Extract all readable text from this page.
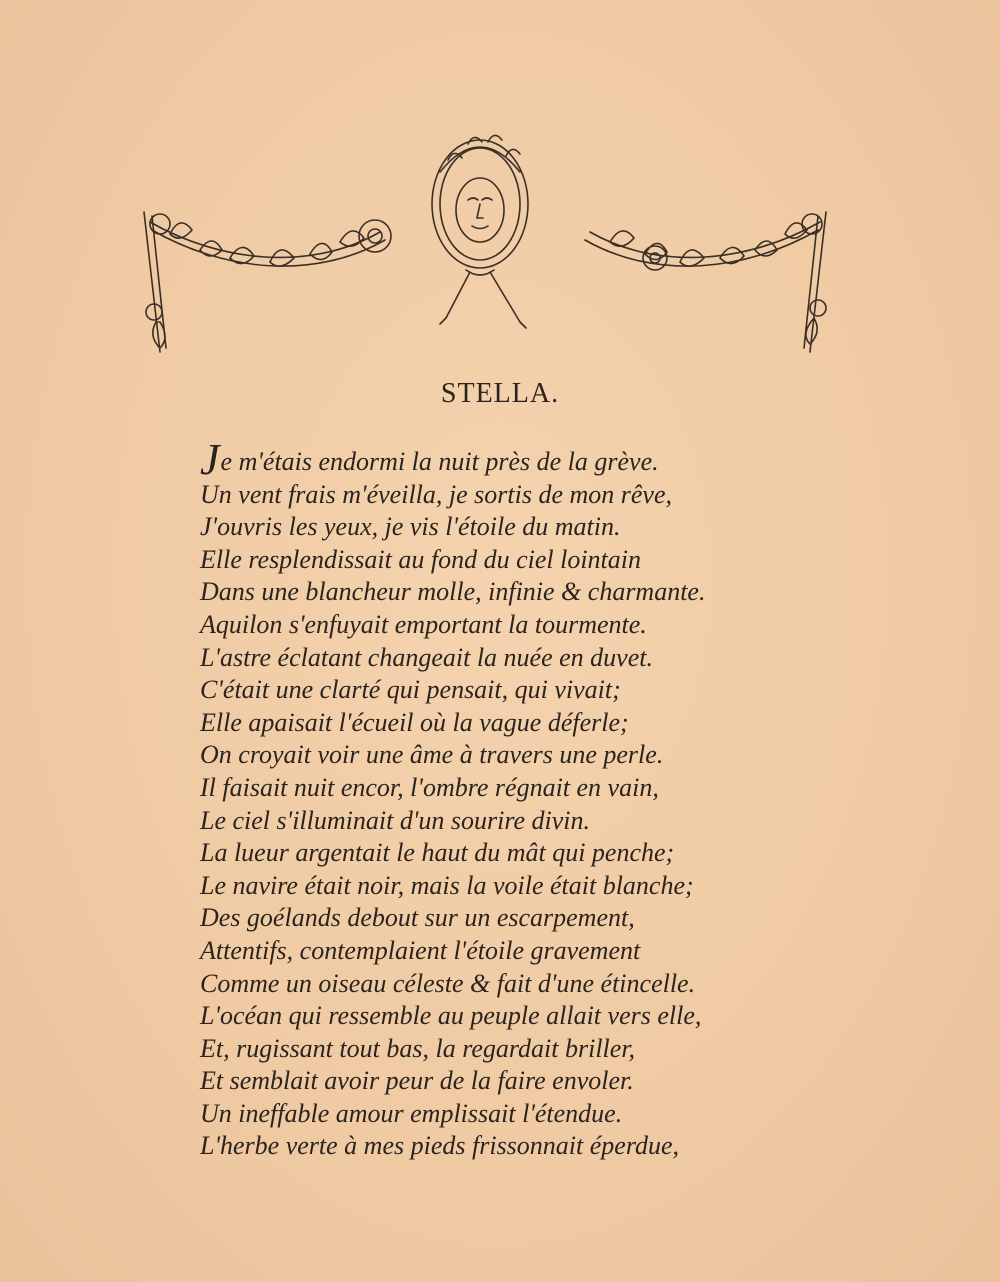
STELLA.
Je m'étais endormi la nuit près de la grève.
Un vent frais m'éveilla, je sortis de mon rêve,
J'ouvris les yeux, je vis l'étoile du matin.
Elle resplendissait au fond du ciel lointain
Dans une blancheur molle, infinie & charmante.
Aquilon s'enfuyait emportant la tourmente.
L'astre éclatant changeait la nuée en duvet.
C'était une clarté qui pensait, qui vivait;
Elle apaisait l'écueil où la vague déferle;
On croyait voir une âme à travers une perle.
Il faisait nuit encor, l'ombre régnait en vain,
Le ciel s'illuminait d'un sourire divin.
La lueur argentait le haut du mât qui penche;
Le navire était noir, mais la voile était blanche;
Des goélands debout sur un escarpement,
Attentifs, contemplaient l'étoile gravement
Comme un oiseau céleste & fait d'une étincelle.
L'océan qui ressemble au peuple allait vers elle,
Et, rugissant tout bas, la regardait briller,
Et semblait avoir peur de la faire envoler.
Un ineffable amour emplissait l'étendue.
L'herbe verte à mes pieds frissonnait éperdue,
